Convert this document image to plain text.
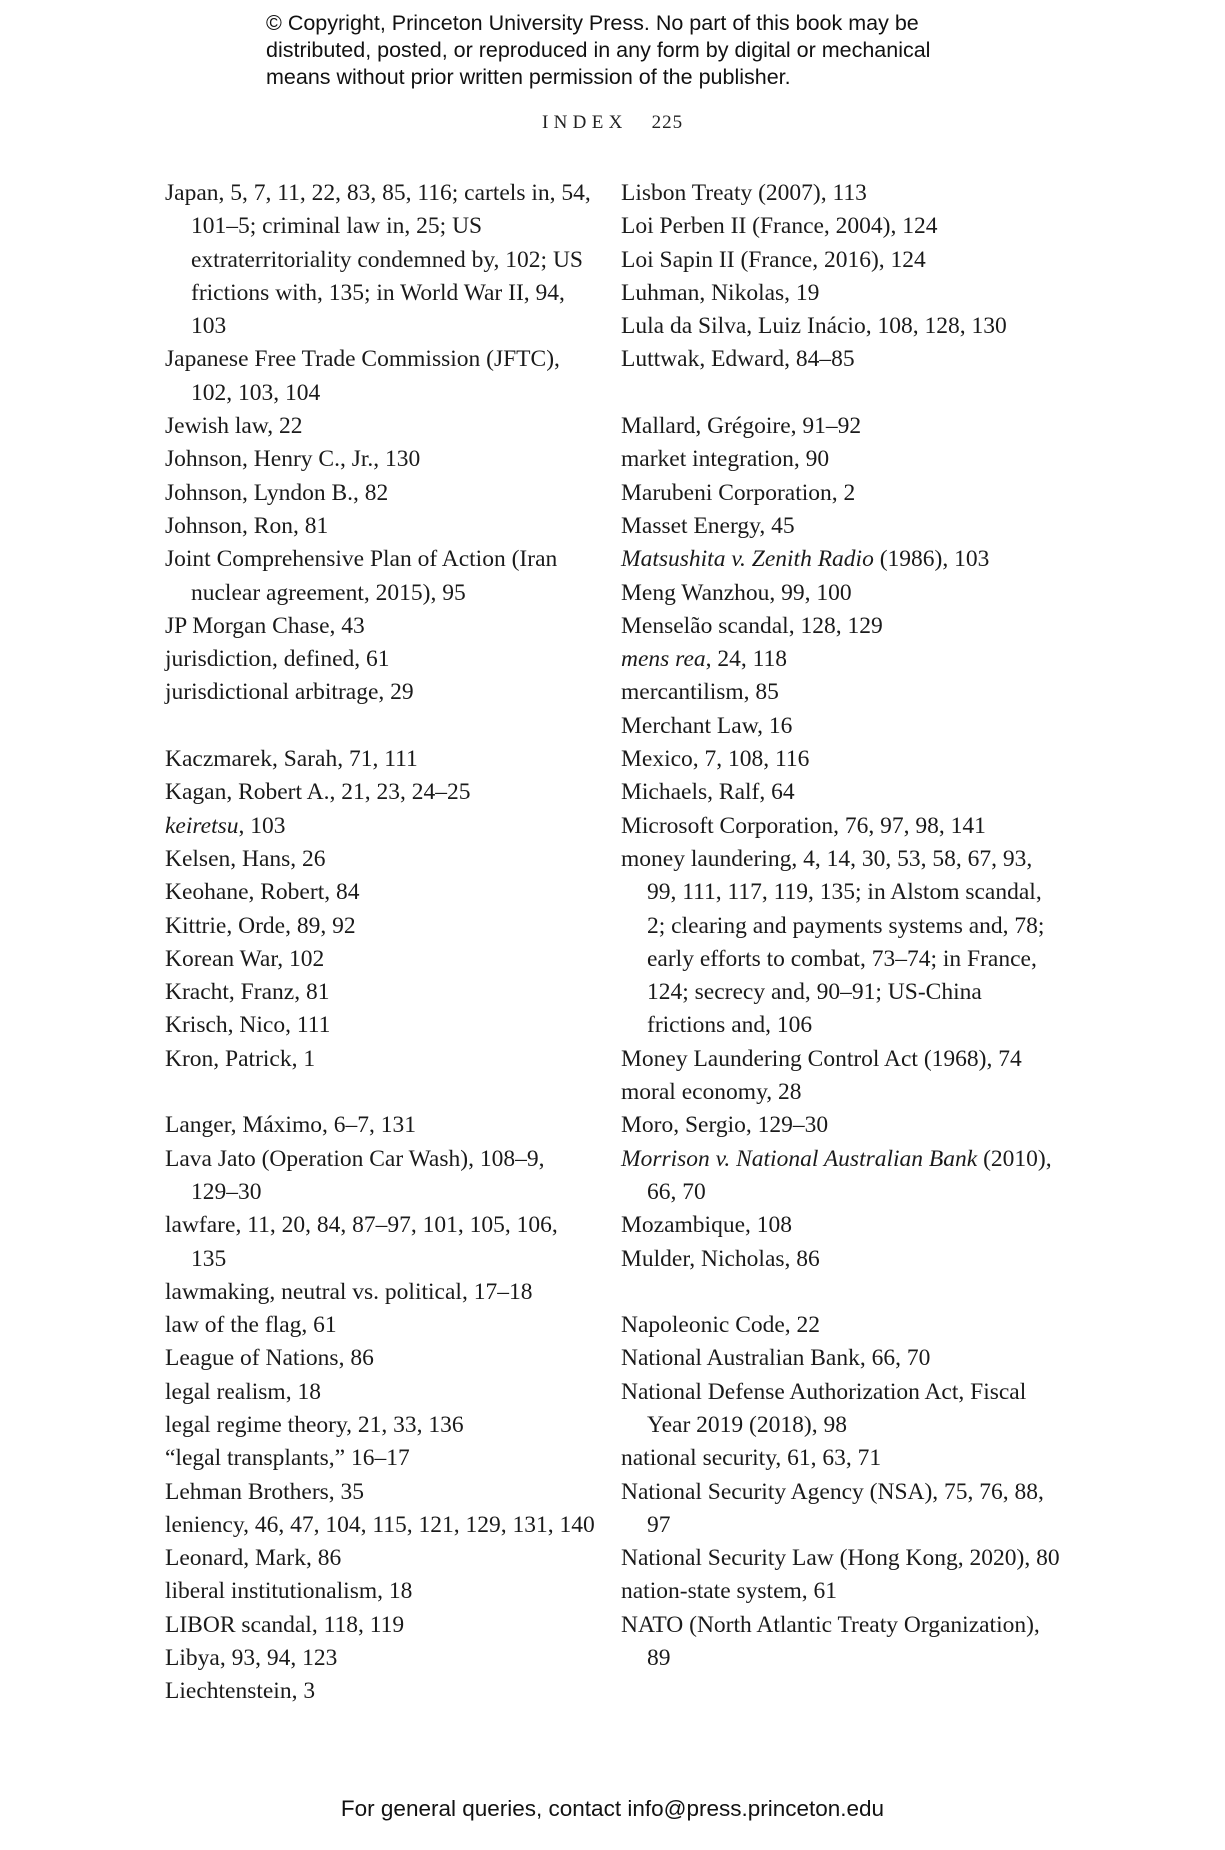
© Copyright, Princeton University Press. No part of this book may be
distributed, posted, or reproduced in any form by digital or mechanical
means without prior written permission of the publisher.
INDEX 225
Japan, 5, 7, 11, 22, 83, 85, 116; cartels in, 54, 101–5; criminal law in, 25; US extraterritoriality condemned by, 102; US frictions with, 135; in World War II, 94, 103
Japanese Free Trade Commission (JFTC), 102, 103, 104
Jewish law, 22
Johnson, Henry C., Jr., 130
Johnson, Lyndon B., 82
Johnson, Ron, 81
Joint Comprehensive Plan of Action (Iran nuclear agreement, 2015), 95
JP Morgan Chase, 43
jurisdiction, defined, 61
jurisdictional arbitrage, 29
Kaczmarek, Sarah, 71, 111
Kagan, Robert A., 21, 23, 24–25
keiretsu, 103
Kelsen, Hans, 26
Keohane, Robert, 84
Kittrie, Orde, 89, 92
Korean War, 102
Kracht, Franz, 81
Krisch, Nico, 111
Kron, Patrick, 1
Langer, Máximo, 6–7, 131
Lava Jato (Operation Car Wash), 108–9, 129–30
lawfare, 11, 20, 84, 87–97, 101, 105, 106, 135
lawmaking, neutral vs. political, 17–18
law of the flag, 61
League of Nations, 86
legal realism, 18
legal regime theory, 21, 33, 136
“legal transplants,” 16–17
Lehman Brothers, 35
leniency, 46, 47, 104, 115, 121, 129, 131, 140
Leonard, Mark, 86
liberal institutionalism, 18
LIBOR scandal, 118, 119
Libya, 93, 94, 123
Liechtenstein, 3
Lisbon Treaty (2007), 113
Loi Perben II (France, 2004), 124
Loi Sapin II (France, 2016), 124
Luhman, Nikolas, 19
Lula da Silva, Luiz Inácio, 108, 128, 130
Luttwak, Edward, 84–85
Mallard, Grégoire, 91–92
market integration, 90
Marubeni Corporation, 2
Masset Energy, 45
Matsushita v. Zenith Radio (1986), 103
Meng Wanzhou, 99, 100
Menselão scandal, 128, 129
mens rea, 24, 118
mercantilism, 85
Merchant Law, 16
Mexico, 7, 108, 116
Michaels, Ralf, 64
Microsoft Corporation, 76, 97, 98, 141
money laundering, 4, 14, 30, 53, 58, 67, 93, 99, 111, 117, 119, 135; in Alstom scandal, 2; clearing and payments systems and, 78; early efforts to combat, 73–74; in France, 124; secrecy and, 90–91; US-China frictions and, 106
Money Laundering Control Act (1968), 74
moral economy, 28
Moro, Sergio, 129–30
Morrison v. National Australian Bank (2010), 66, 70
Mozambique, 108
Mulder, Nicholas, 86
Napoleonic Code, 22
National Australian Bank, 66, 70
National Defense Authorization Act, Fiscal Year 2019 (2018), 98
national security, 61, 63, 71
National Security Agency (NSA), 75, 76, 88, 97
National Security Law (Hong Kong, 2020), 80
nation-state system, 61
NATO (North Atlantic Treaty Organization), 89
For general queries, contact info@press.princeton.edu
